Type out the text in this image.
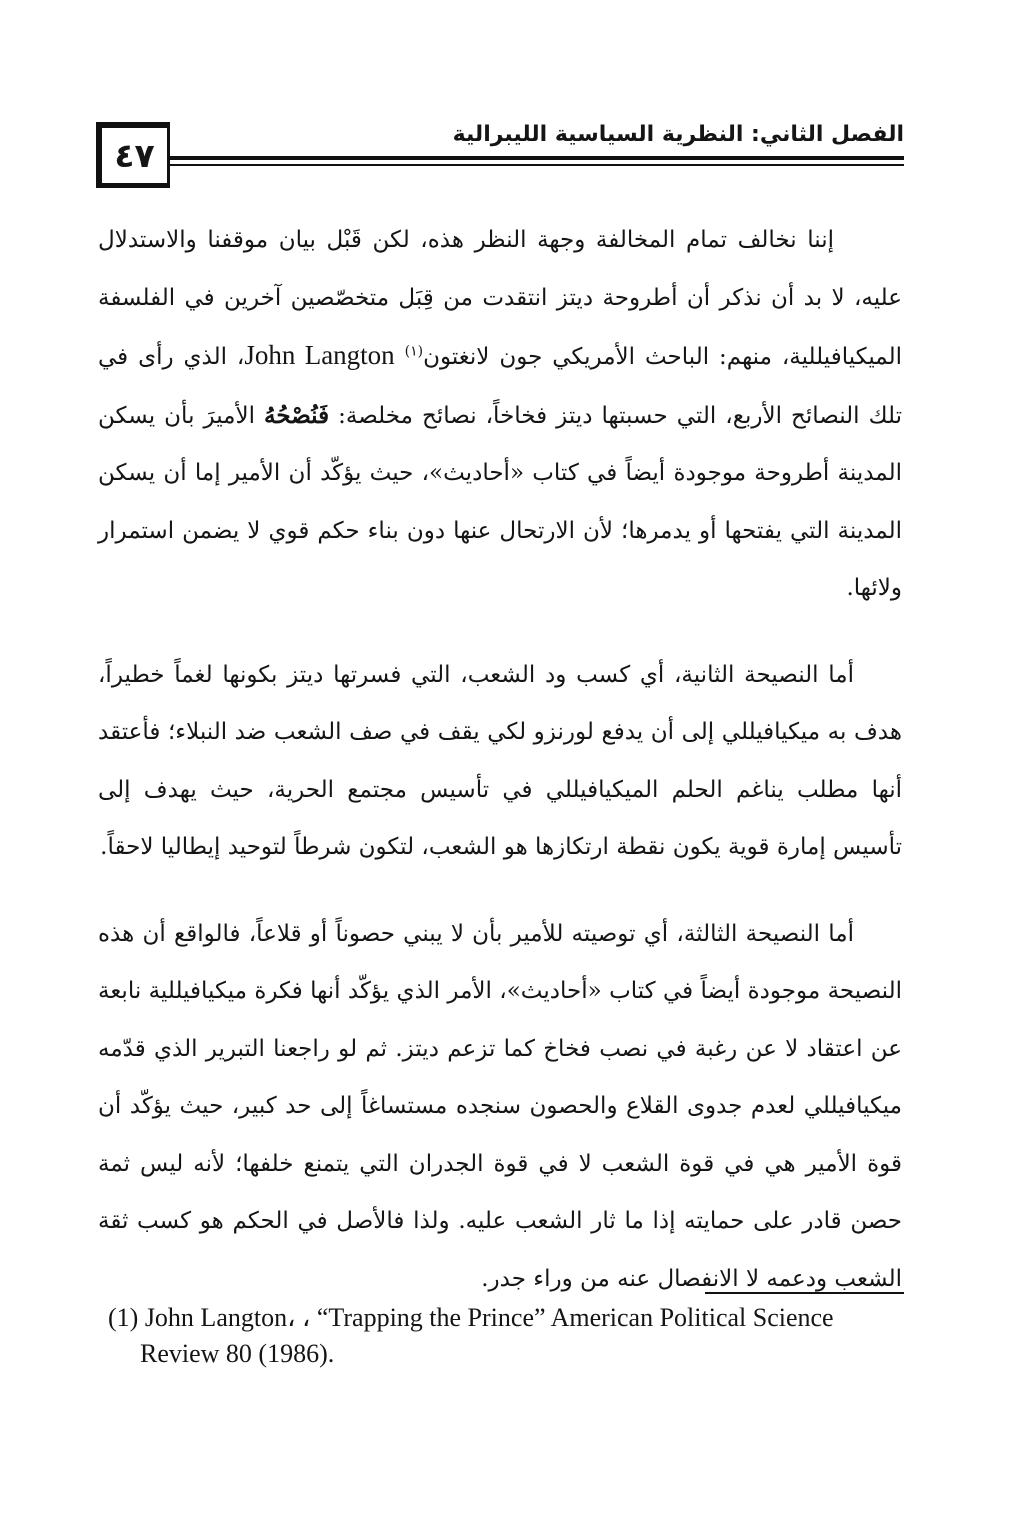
٤٧
الفصل الثاني: النظرية السياسية الليبرالية

إننا نخالف تمام المخالفة وجهة النظر هذه، لكن قَبْل بيان موقفنا والاستدلال عليه، لا بد أن نذكر أن أطروحة ديتز انتقدت من قِبَل متخصّصين آخرين في الفلسفة الميكيافيللية، منهم: الباحث الأمريكي جون لانغتون$^{(١)}$ John Langton، الذي رأى في تلك النصائح الأربع، التي حسبتها ديتز فخاخاً، نصائح مخلصة: فَنُصْحُهُ الأميرَ بأن يسكن المدينة أطروحة موجودة أيضاً في كتاب «أحاديث»، حيث يؤكّد أن الأمير إما أن يسكن المدينة التي يفتحها أو يدمرها؛ لأن الارتحال عنها دون بناء حكم قوي لا يضمن استمرار ولائها.

أما النصيحة الثانية، أي كسب ود الشعب، التي فسرتها ديتز بكونها لغماً خطيراً، هدف به ميكيافيللي إلى أن يدفع لورنزو لكي يقف في صف الشعب ضد النبلاء؛ فأعتقد أنها مطلب يناغم الحلم الميكيافيللي في تأسيس مجتمع الحرية، حيث يهدف إلى تأسيس إمارة قوية يكون نقطة ارتكازها هو الشعب، لتكون شرطاً لتوحيد إيطاليا لاحقاً.

أما النصيحة الثالثة، أي توصيته للأمير بأن لا يبني حصوناً أو قلاعاً، فالواقع أن هذه النصيحة موجودة أيضاً في كتاب «أحاديث»، الأمر الذي يؤكّد أنها فكرة ميكيافيللية نابعة عن اعتقاد لا عن رغبة في نصب فخاخ كما تزعم ديتز. ثم لو راجعنا التبرير الذي قدّمه ميكيافيللي لعدم جدوى القلاع والحصون سنجده مستساغاً إلى حد كبير، حيث يؤكّد أن قوة الأمير هي في قوة الشعب لا في قوة الجدران التي يتمنع خلفها؛ لأنه ليس ثمة حصن قادر على حمايته إذا ما ثار الشعب عليه. ولذا فالأصل في الحكم هو كسب ثقة الشعب ودعمه لا الانفصال عنه من وراء جدر.

(1) John Langton، ، “Trapping the Prince” American Political Science
Review 80 (1986).
